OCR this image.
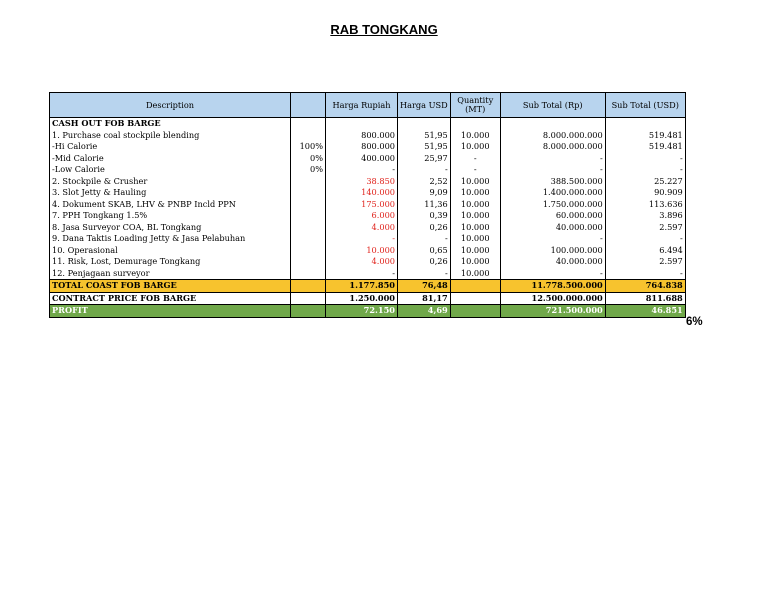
RAB TONGKANG
Description		Harga Rupiah	Harga USD	Quantity (MT)	Sub Total (Rp)	Sub Total (USD)
CASH OUT FOB BARGE						
1. Purchase coal stockpile blending		800.000	51,95	10.000	8.000.000.000	519.481
-Hi Calorie	100%	800.000	51,95	10.000	8.000.000.000	519.481
-Mid Calorie	0%	400.000	25,97	-	-	-
-Low Calorie	0%	-	-	-	-	-
2. Stockpile & Crusher		38.850	2,52	10.000	388.500.000	25.227
3. Slot Jetty & Hauling		140.000	9,09	10.000	1.400.000.000	90.909
4. Dokument SKAB, LHV & PNBP Incld PPN		175.000	11,36	10.000	1.750.000.000	113.636
7. PPH Tongkang 1.5%		6.000	0,39	10.000	60.000.000	3.896
8. Jasa Surveyor COA, BL Tongkang		4.000	0,26	10.000	40.000.000	2.597
9. Dana Taktis Loading Jetty & Jasa Pelabuhan		-	-	10.000	-	-
10. Operasional		10.000	0,65	10.000	100.000.000	6.494
11. Risk, Lost, Demurage Tongkang		4.000	0,26	10.000	40.000.000	2.597
12. Penjagaan surveyor		-	-	10.000	-	-
TOTAL COAST FOB BARGE		1.177.850	76,48		11.778.500.000	764.838
CONTRACT PRICE FOB BARGE		1.250.000	81,17		12.500.000.000	811.688
PROFIT		72.150	4,69		721.500.000	46.851
6%
